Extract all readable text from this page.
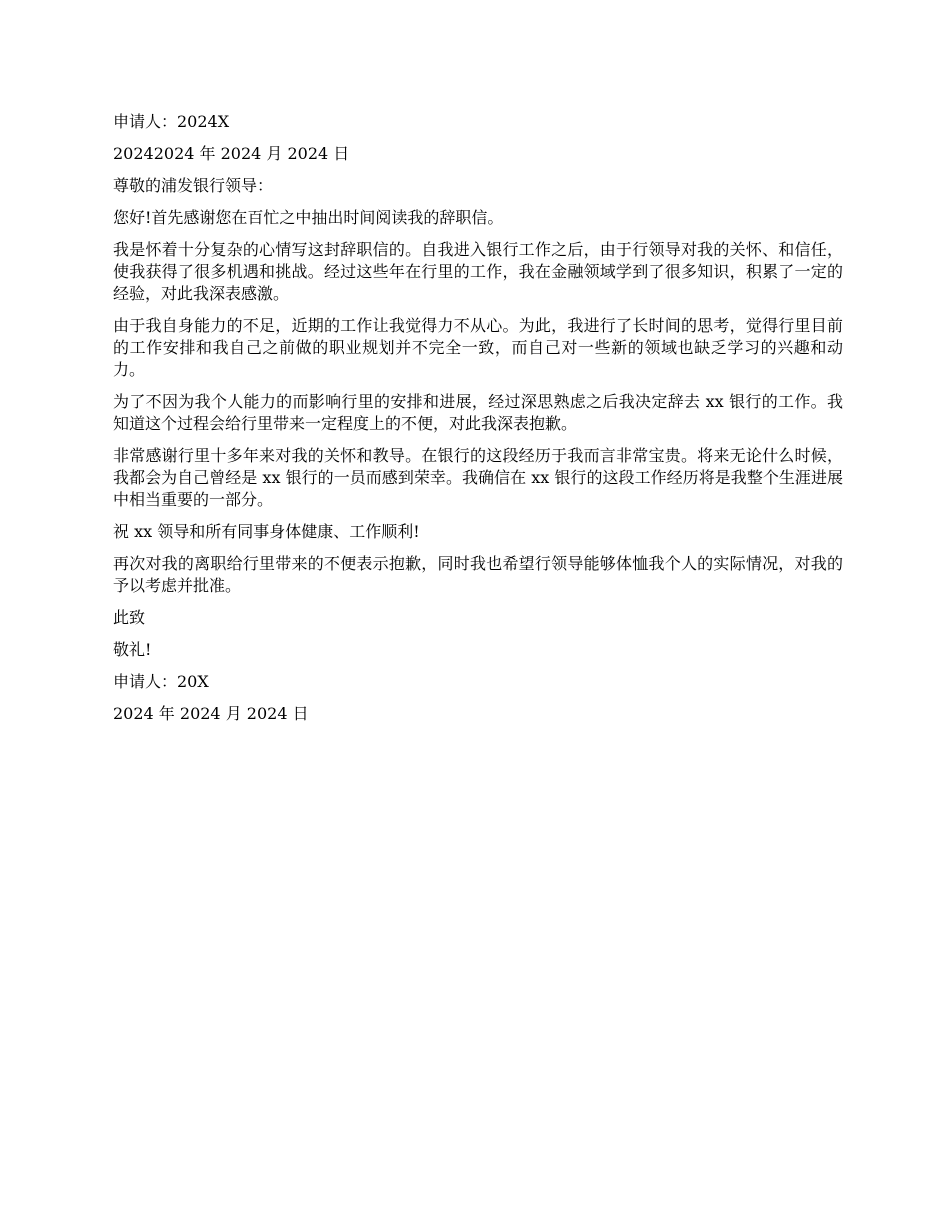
申请人：2024X

20242024 年 2024 月 2024 日

尊敬的浦发银行领导：

您好!首先感谢您在百忙之中抽出时间阅读我的辞职信。

我是怀着十分复杂的心情写这封辞职信的。自我进入银行工作之后，由于行领导对我的关怀、和信任，使我获得了很多机遇和挑战。经过这些年在行里的工作，我在金融领域学到了很多知识，积累了一定的经验，对此我深表感激。

由于我自身能力的不足，近期的工作让我觉得力不从心。为此，我进行了长时间的思考，觉得行里目前的工作安排和我自己之前做的职业规划并不完全一致，而自己对一些新的领域也缺乏学习的兴趣和动力。

为了不因为我个人能力的而影响行里的安排和进展，经过深思熟虑之后我决定辞去 xx 银行的工作。我知道这个过程会给行里带来一定程度上的不便，对此我深表抱歉。

非常感谢行里十多年来对我的关怀和教导。在银行的这段经历于我而言非常宝贵。将来无论什么时候，我都会为自己曾经是 xx 银行的一员而感到荣幸。我确信在 xx 银行的这段工作经历将是我整个生涯进展中相当重要的一部分。

祝 xx 领导和所有同事身体健康、工作顺利!

再次对我的离职给行里带来的不便表示抱歉，同时我也希望行领导能够体恤我个人的实际情况，对我的予以考虑并批准。

此致

敬礼!

申请人：20X

2024 年 2024 月 2024 日
